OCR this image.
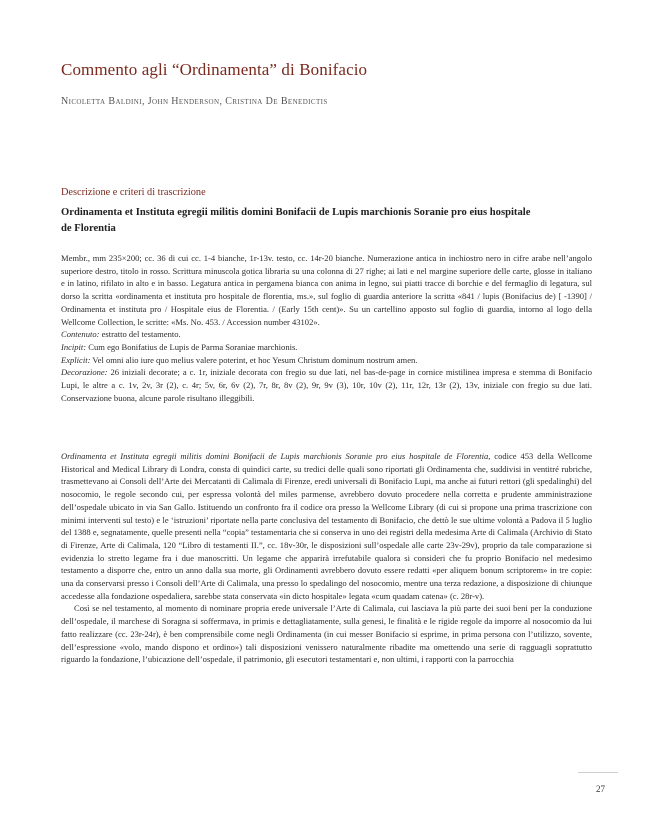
Commento agli “Ordinamenta” di Bonifacio

Nicoletta Baldini, John Henderson, Cristina De Benedictis

Descrizione e criteri di trascrizione

Ordinamenta et Instituta egregii militis domini Bonifacii de Lupis marchionis Soranie pro eius hospitale de Florentia

Membr., mm 235×200; cc. 36 di cui cc. 1-4 bianche, 1r-13v. testo, cc. 14r-20 bianche. Numerazione antica in inchiostro nero in cifre arabe nell’angolo superiore destro, titolo in rosso. Scrittura minuscola gotica libraria su una colonna di 27 righe; ai lati e nel margine superiore delle carte, glosse in italiano e in latino, rifilato in alto e in basso. Legatura antica in pergamena bianca con anima in legno, sui piatti tracce di borchie e del fermaglio di legatura, sul dorso la scritta «ordinamenta et instituta pro hospitale de florentia, ms.», sul foglio di guardia anteriore la scritta «841 / lupis (Bonifacius de) [ -1390] / Ordinamenta et instituta pro / Hospitale eius de Florentia. / (Early 15th cent)». Su un cartellino apposto sul foglio di guardia, intorno al logo della Wellcome Collection, le scritte: «Ms. No. 453. / Accession number 43102».

Contenuto: estratto del testamento.

Incipit: Cum ego Bonifatius de Lupis de Parma Soraniae marchionis.

Explicit: Vel omni alio iure quo melius valere poterint, et hoc Yesum Christum dominum nostrum amen.

Decorazione: 26 iniziali decorate; a c. 1r, iniziale decorata con fregio su due lati, nel bas-de-page in cornice mistilinea impresa e stemma di Bonifacio Lupi, le altre a c. 1v, 2v, 3r (2), c. 4r; 5v, 6r, 6v (2), 7r, 8r, 8v (2), 9r, 9v (3), 10r, 10v (2), 11r, 12r, 13r (2), 13v, iniziale con fregio su due lati. Conservazione buona, alcune parole risultano illeggibili.

Ordinamenta et Instituta egregii militis domini Bonifacii de Lupis marchionis Soranie pro eius hospitale de Florentia, codice 453 della Wellcome Historical and Medical Library di Londra, consta di quindici carte, su tredici delle quali sono riportati gli Ordinamenta che, suddivisi in ventitré rubriche, trasmettevano ai Consoli dell’Arte dei Mercatanti di Calimala di Firenze, eredi universali di Bonifacio Lupi, ma anche ai futuri rettori (gli spedalinghi) del nosocomio, le regole secondo cui, per espressa volontà del miles parmense, avrebbero dovuto procedere nella corretta e prudente amministrazione dell’ospedale ubicato in via San Gallo. Istituendo un confronto fra il codice ora presso la Wellcome Library (di cui si propone una prima trascrizione con minimi interventi sul testo) e le ‘istruzioni’ riportate nella parte conclusiva del testamento di Bonifacio, che dettò le sue ultime volontà a Padova il 5 luglio del 1388 e, segnatamente, quelle presenti nella “copia” testamentaria che si conserva in uno dei registri della medesima Arte di Calimala (Archivio di Stato di Firenze, Arte di Calimala, 120 “Libro di testamenti II.”, cc. 18v-30r, le disposizioni sull’ospedale alle carte 23v-29v), proprio da tale comparazione si evidenzia lo stretto legame fra i due manoscritti. Un legame che apparirà irrefutabile qualora si consideri che fu proprio Bonifacio nel medesimo testamento a disporre che, entro un anno dalla sua morte, gli Ordinamenti avrebbero dovuto essere redatti «per aliquem bonum scriptorem» in tre copie: una da conservarsi presso i Consoli dell’Arte di Calimala, una presso lo spedalingo del nosocomio, mentre una terza redazione, a disposizione di chiunque accedesse alla fondazione ospedaliera, sarebbe stata conservata «in dicto hospitale» legata «cum quadam catena» (c. 28r-v).

Così se nel testamento, al momento di nominare propria erede universale l’Arte di Calimala, cui lasciava la più parte dei suoi beni per la conduzione dell’ospedale, il marchese di Soragna si soffermava, in primis e dettagliatamente, sulla genesi, le finalità e le rigide regole da imporre al nosocomio da lui fatto realizzare (cc. 23r-24r), è ben comprensibile come negli Ordinamenta (in cui messer Bonifacio si esprime, in prima persona con l’utilizzo, sovente, dell’espressione «volo, mando dispono et ordino») tali disposizioni venissero naturalmente ribadite ma omettendo una serie di ragguagli soprattutto riguardo la fondazione, l’ubicazione dell’ospedale, il patrimonio, gli esecutori testamentari e, non ultimi, i rapporti con la parrocchia

27
